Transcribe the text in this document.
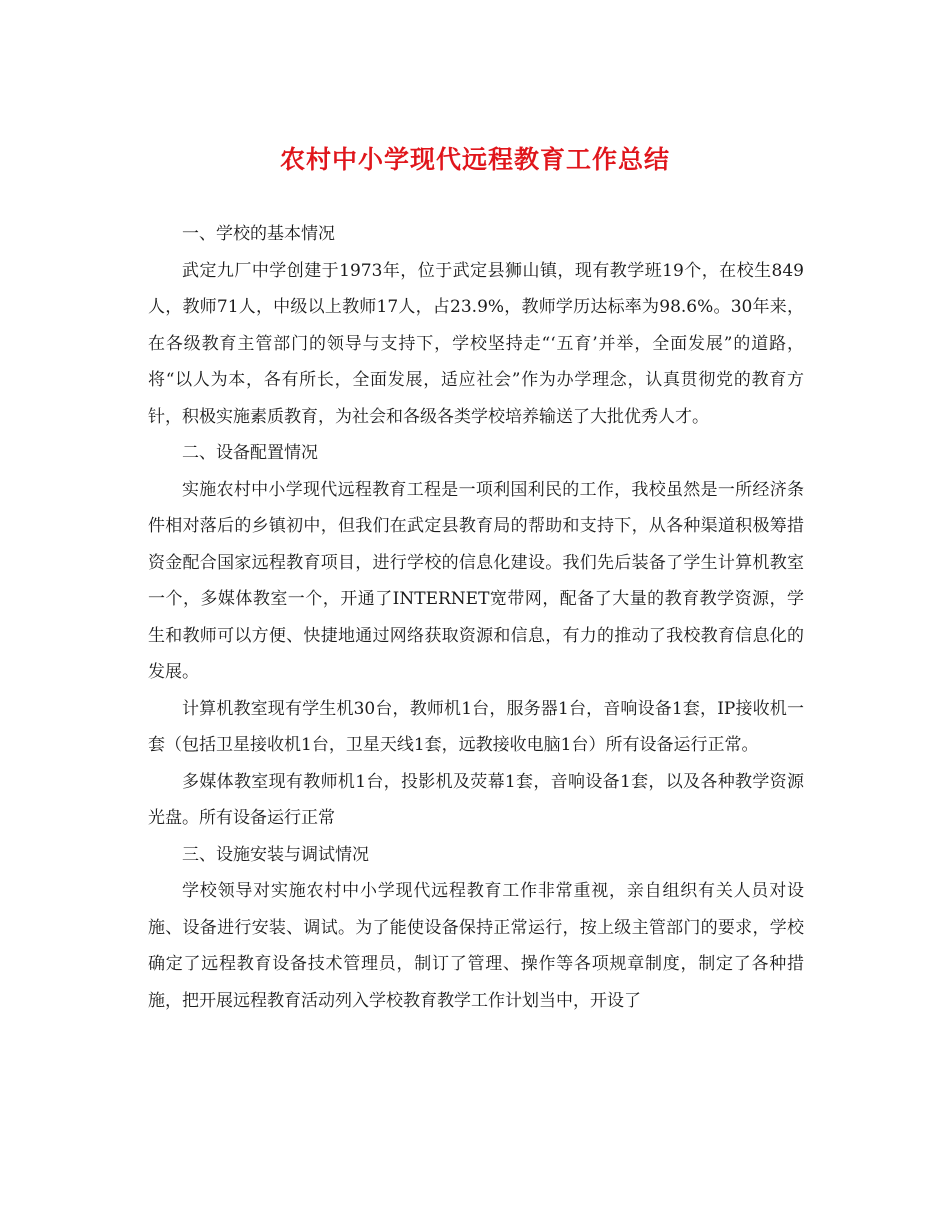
农村中小学现代远程教育工作总结

一、学校的基本情况

武定九厂中学创建于1973年，位于武定县狮山镇，现有教学班19个，在校生849人，教师71人，中级以上教师17人，占23.9%，教师学历达标率为98.6%。30年来，在各级教育主管部门的领导与支持下，学校坚持走“‘五育’并举，全面发展”的道路，将“以人为本，各有所长，全面发展，适应社会”作为办学理念，认真贯彻党的教育方针，积极实施素质教育，为社会和各级各类学校培养输送了大批优秀人才。

二、设备配置情况

实施农村中小学现代远程教育工程是一项利国利民的工作，我校虽然是一所经济条件相对落后的乡镇初中，但我们在武定县教育局的帮助和支持下，从各种渠道积极筹措资金配合国家远程教育项目，进行学校的信息化建设。我们先后装备了学生计算机教室一个，多媒体教室一个，开通了INTERNET宽带网，配备了大量的教育教学资源，学生和教师可以方便、快捷地通过网络获取资源和信息，有力的推动了我校教育信息化的发展。

计算机教室现有学生机30台，教师机1台，服务器1台，音响设备1套，IP接收机一套（包括卫星接收机1台，卫星天线1套，远教接收电脑1台）所有设备运行正常。

多媒体教室现有教师机1台，投影机及荧幕1套，音响设备1套，以及各种教学资源光盘。所有设备运行正常

三、设施安装与调试情况

学校领导对实施农村中小学现代远程教育工作非常重视，亲自组织有关人员对设施、设备进行安装、调试。为了能使设备保持正常运行，按上级主管部门的要求，学校确定了远程教育设备技术管理员，制订了管理、操作等各项规章制度，制定了各种措施，把开展远程教育活动列入学校教育教学工作计划当中，开设了
